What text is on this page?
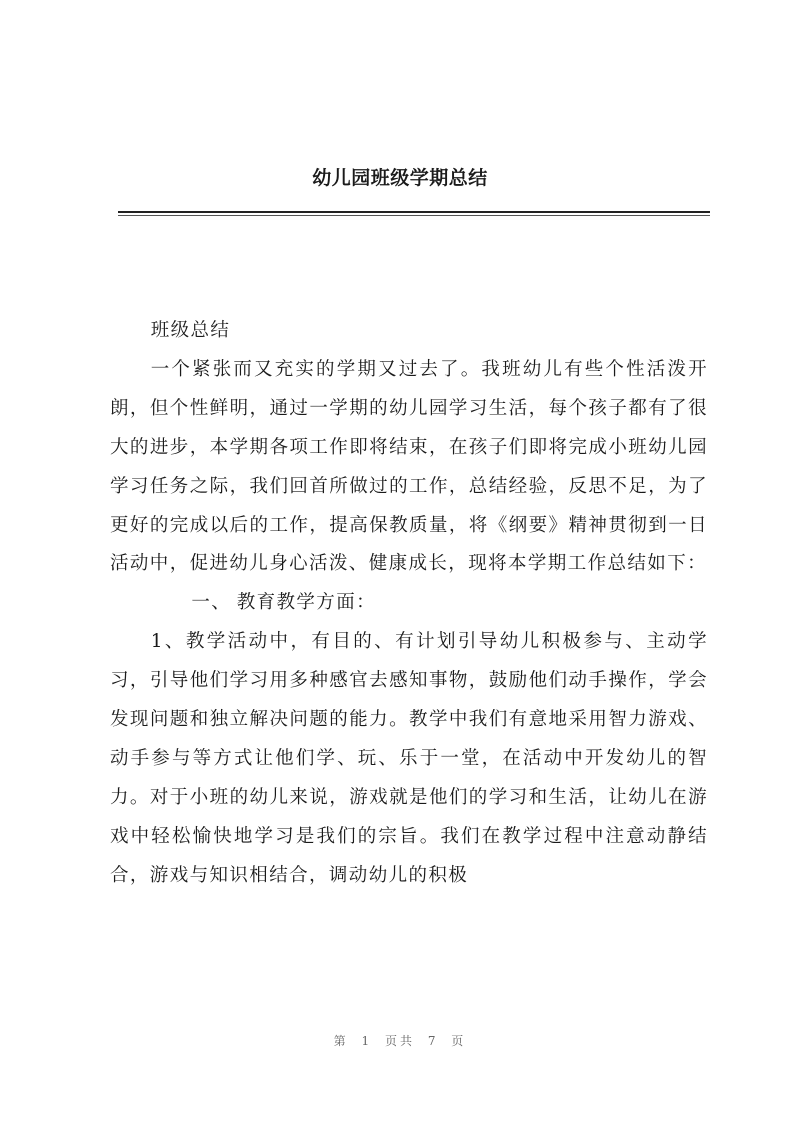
幼儿园班级学期总结

班级总结

一个紧张而又充实的学期又过去了。我班幼儿有些个性活泼开朗，但个性鲜明，通过一学期的幼儿园学习生活，每个孩子都有了很大的进步，本学期各项工作即将结束，在孩子们即将完成小班幼儿园学习任务之际，我们回首所做过的工作，总结经验，反思不足，为了更好的完成以后的工作，提高保教质量，将《纲要》精神贯彻到一日活动中，促进幼儿身心活泼、健康成长，现将本学期工作总结如下：

一、 教育教学方面：

1、教学活动中，有目的、有计划引导幼儿积极参与、主动学习，引导他们学习用多种感官去感知事物，鼓励他们动手操作，学会发现问题和独立解决问题的能力。教学中我们有意地采用智力游戏、动手参与等方式让他们学、玩、乐于一堂，在活动中开发幼儿的智力。对于小班的幼儿来说，游戏就是他们的学习和生活，让幼儿在游戏中轻松愉快地学习是我们的宗旨。我们在教学过程中注意动静结合，游戏与知识相结合，调动幼儿的积极

第 1 页共 7 页
